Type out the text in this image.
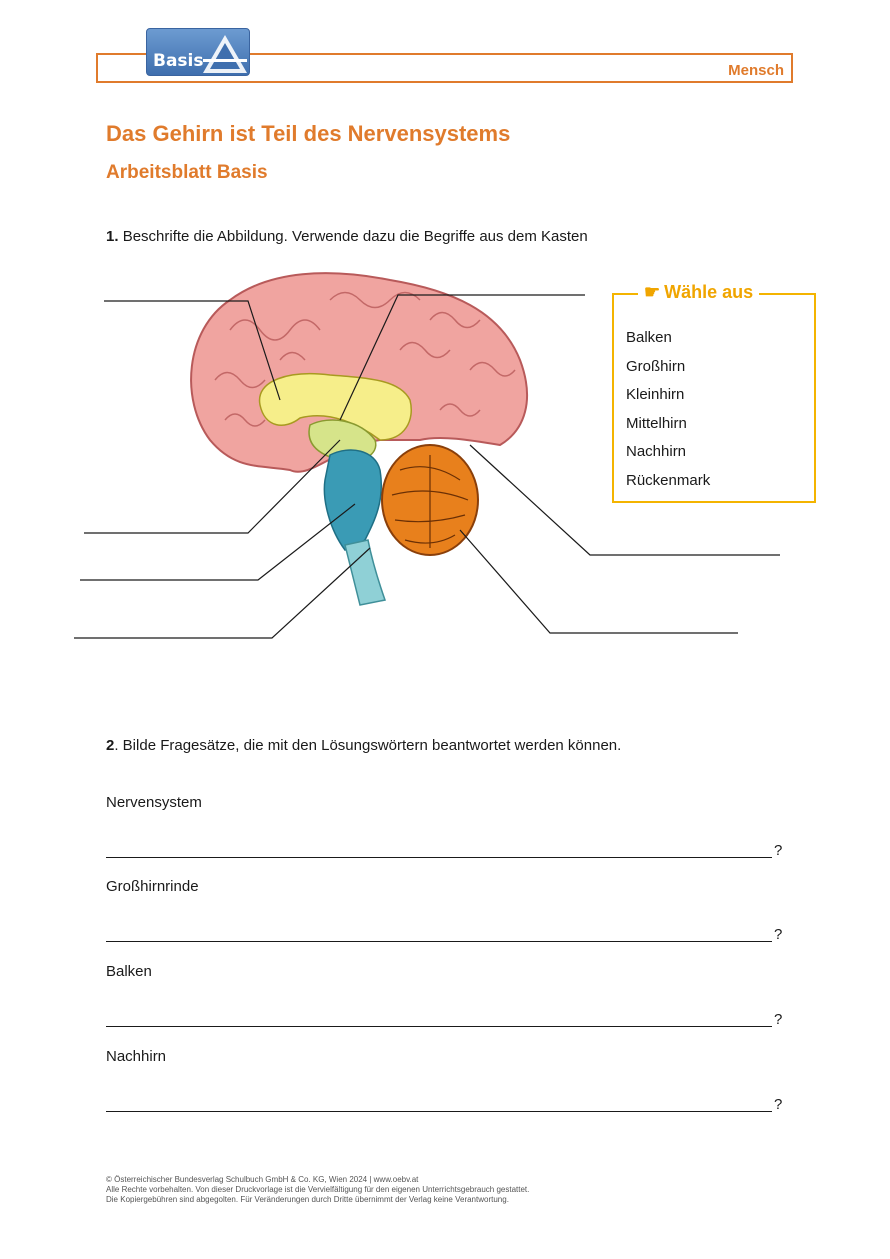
Basis	Mensch
Das Gehirn ist Teil des Nervensystems
Arbeitsblatt Basis
1. Beschrifte die Abbildung. Verwende dazu die Begriffe aus dem Kasten
☛ Wähle aus
Balken
Großhirn
Kleinhirn
Mittelhirn
Nachhirn
Rückenmark
2. Bilde Fragesätze, die mit den Lösungswörtern beantwortet werden können.
Nervensystem
?
Großhirnrinde
?
Balken
?
Nachhirn
?
© Österreichischer Bundesverlag Schulbuch GmbH & Co. KG, Wien 2024 | www.oebv.at
Alle Rechte vorbehalten. Von dieser Druckvorlage ist die Vervielfältigung für den eigenen Unterrichtsgebrauch gestattet.
Die Kopiergebühren sind abgegolten. Für Veränderungen durch Dritte übernimmt der Verlag keine Verantwortung.
